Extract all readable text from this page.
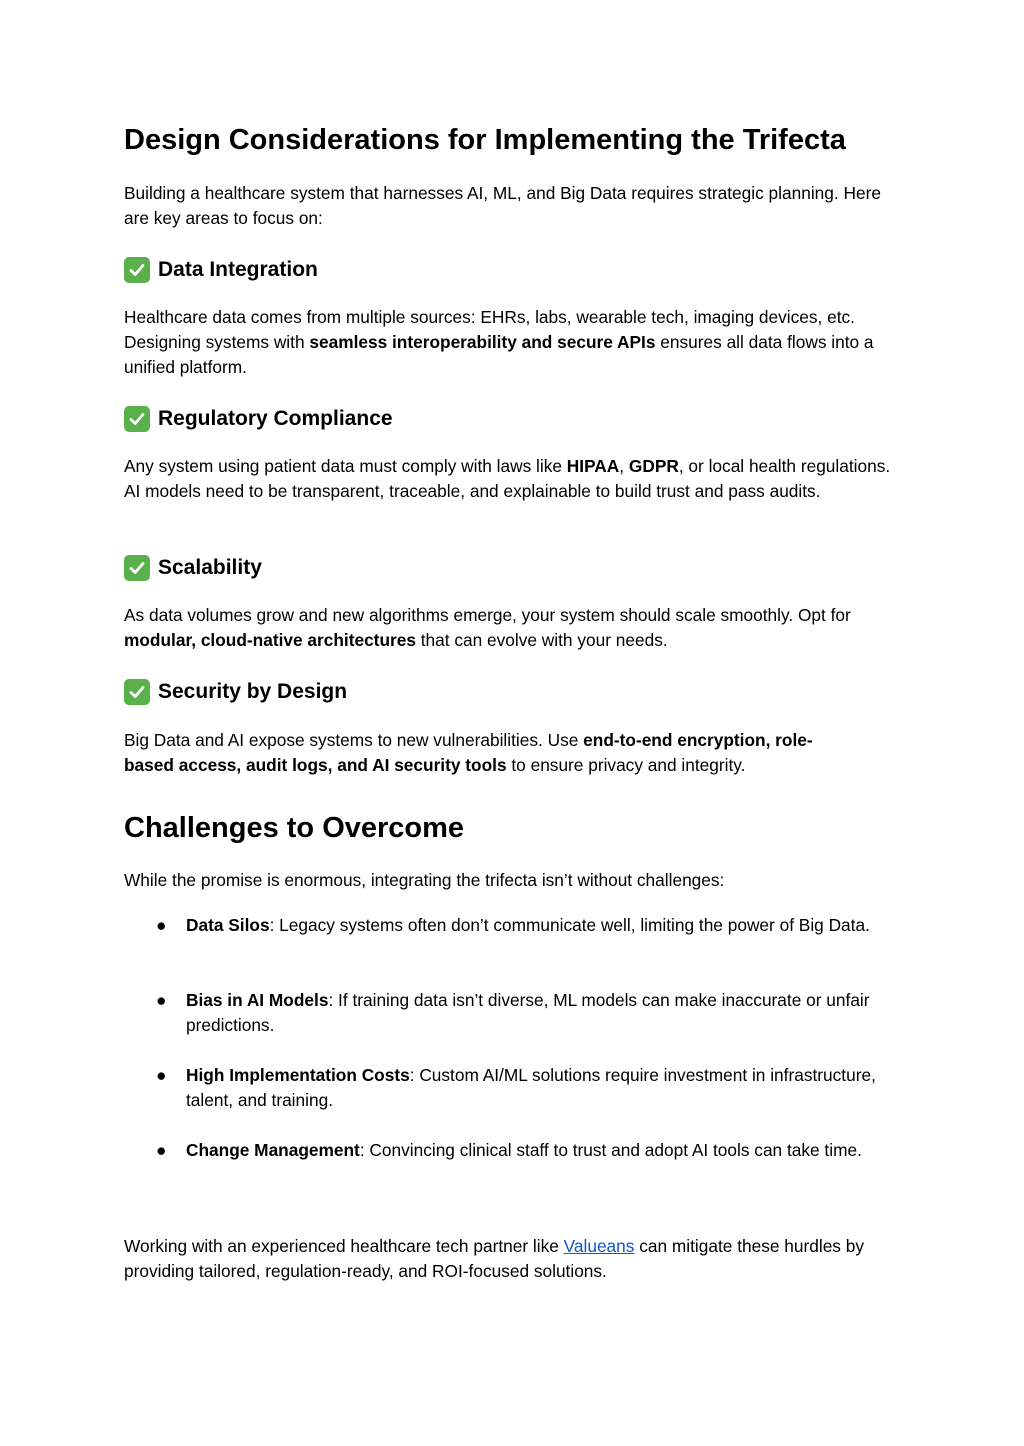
Design Considerations for Implementing the Trifecta

Building a healthcare system that harnesses AI, ML, and Big Data requires strategic planning. Here are key areas to focus on:

Data Integration

Healthcare data comes from multiple sources: EHRs, labs, wearable tech, imaging devices, etc. Designing systems with seamless interoperability and secure APIs ensures all data flows into a unified platform.

Regulatory Compliance

Any system using patient data must comply with laws like HIPAA, GDPR, or local health regulations. AI models need to be transparent, traceable, and explainable to build trust and pass audits.

Scalability

As data volumes grow and new algorithms emerge, your system should scale smoothly. Opt for modular, cloud-native architectures that can evolve with your needs.

Security by Design

Big Data and AI expose systems to new vulnerabilities. Use end-to-end encryption, role-based access, audit logs, and AI security tools to ensure privacy and integrity.

Challenges to Overcome

While the promise is enormous, integrating the trifecta isn’t without challenges:

● Data Silos: Legacy systems often don’t communicate well, limiting the power of Big Data.
● Bias in AI Models: If training data isn’t diverse, ML models can make inaccurate or unfair predictions.
● High Implementation Costs: Custom AI/ML solutions require investment in infrastructure, talent, and training.
● Change Management: Convincing clinical staff to trust and adopt AI tools can take time.

Working with an experienced healthcare tech partner like Valueans can mitigate these hurdles by providing tailored, regulation-ready, and ROI-focused solutions.
